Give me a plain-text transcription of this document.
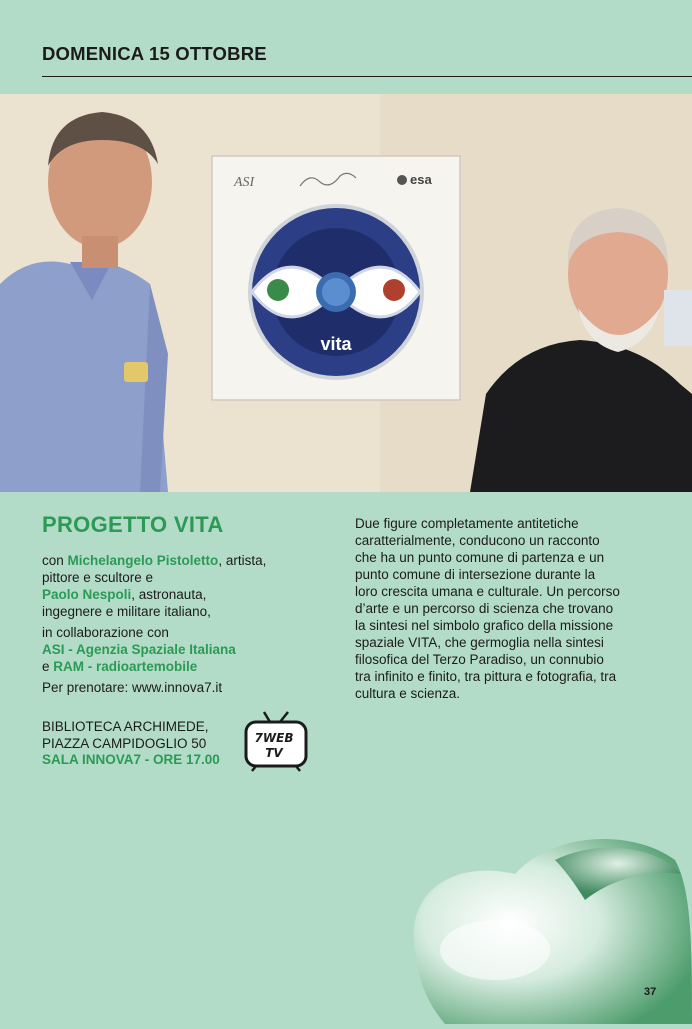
DOMENICA 15 OTTOBRE
ASI	esa
vita
PROGETTO VITA
con Michelangelo Pistoletto, artista,
pittore e scultore e
Paolo Nespoli, astronauta,
ingegnere e militare italiano,
in collaborazione con
ASI - Agenzia Spaziale Italiana
e RAM - radioartemobile
Per prenotare: www.innova7.it
BIBLIOTECA ARCHIMEDE,
PIAZZA CAMPIDOGLIO 50
SALA INNOVA7 - ORE 17.00
7WEB
TV
Due figure completamente antitetiche
caratterialmente, conducono un racconto
che ha un punto comune di partenza e un
punto comune di intersezione durante la
loro crescita umana e culturale. Un percorso
d’arte e un percorso di scienza che trovano
la sintesi nel simbolo grafico della missione
spaziale VITA, che germoglia nella sintesi
filosofica del Terzo Paradiso, un connubio
tra infinito e finito, tra pittura e fotografia, tra
cultura e scienza.
37
